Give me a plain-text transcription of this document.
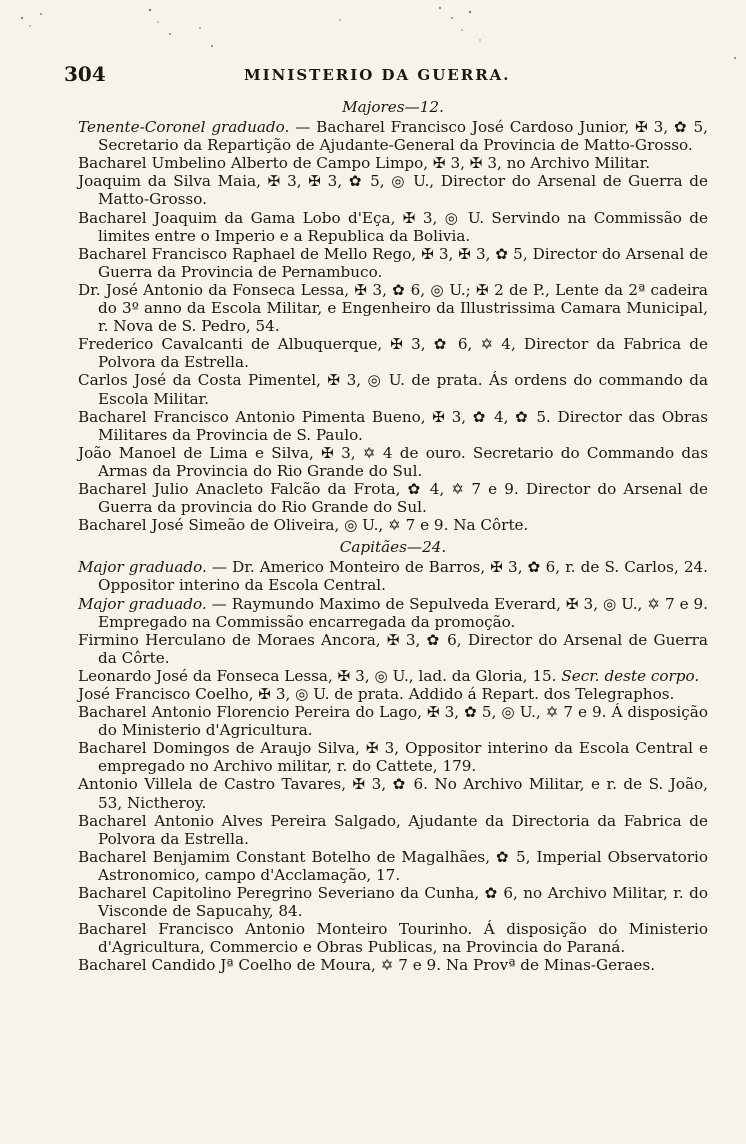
304	MINISTERIO DA GUERRA.

Majores—12.

Tenente-Coronel graduado. — Bacharel Francisco José Cardoso Junior, ✠ 3, ✿ 5, Secretario da Repartição de Ajudante-General da Provincia de Matto-Grosso.

Bacharel Umbelino Alberto de Campo Limpo, ✠ 3, ✠ 3, no Archivo Militar.

Joaquim da Silva Maia, ✠ 3, ✠ 3, ✿ 5, ◎ U., Director do Arsenal de Guerra de Matto-Grosso.

Bacharel Joaquim da Gama Lobo d'Eça, ✠ 3, ◎ U. Servindo na Commissão de limites entre o Imperio e a Republica da Bolivia.

Bacharel Francisco Raphael de Mello Rego, ✠ 3, ✠ 3, ✿ 5, Director do Arsenal de Guerra da Provincia de Pernambuco.

Dr. José Antonio da Fonseca Lessa, ✠ 3, ✿ 6, ◎ U.; ✠ 2 de P., Lente da 2ª cadeira do 3º anno da Escola Militar, e Engenheiro da Illustrissima Camara Municipal, r. Nova de S. Pedro, 54.

Frederico Cavalcanti de Albuquerque, ✠ 3, ✿ 6, ✡ 4, Director da Fabrica de Polvora da Estrella.

Carlos José da Costa Pimentel, ✠ 3, ◎ U. de prata. Ás ordens do commando da Escola Militar.

Bacharel Francisco Antonio Pimenta Bueno, ✠ 3, ✿ 4, ✿ 5. Director das Obras Militares da Provincia de S. Paulo.

João Manoel de Lima e Silva, ✠ 3, ✡ 4 de ouro. Secretario do Commando das Armas da Provincia do Rio Grande do Sul.

Bacharel Julio Anacleto Falcão da Frota, ✿ 4, ✡ 7 e 9. Director do Arsenal de Guerra da provincia do Rio Grande do Sul.

Bacharel José Simeão de Oliveira, ◎ U., ✡ 7 e 9. Na Côrte.

Capitães—24.

Major graduado. — Dr. Americo Monteiro de Barros, ✠ 3, ✿ 6, r. de S. Carlos, 24. Oppositor interino da Escola Central.

Major graduado. — Raymundo Maximo de Sepulveda Everard, ✠ 3, ◎ U., ✡ 7 e 9. Empregado na Commissão encarregada da promoção.

Firmino Herculano de Moraes Ancora, ✠ 3, ✿ 6, Director do Arsenal de Guerra da Côrte.

Leonardo José da Fonseca Lessa, ✠ 3, ◎ U., lad. da Gloria, 15. Secr. deste corpo.

José Francisco Coelho, ✠ 3, ◎ U. de prata. Addido á Repart. dos Telegraphos.

Bacharel Antonio Florencio Pereira do Lago, ✠ 3, ✿ 5, ◎ U., ✡ 7 e 9. Á disposição do Ministerio d'Agricultura.

Bacharel Domingos de Araujo Silva, ✠ 3, Oppositor interino da Escola Central e empregado no Archivo militar, r. do Cattete, 179.

Antonio Villela de Castro Tavares, ✠ 3, ✿ 6. No Archivo Militar, e r. de S. João, 53, Nictheroy.

Bacharel Antonio Alves Pereira Salgado, Ajudante da Directoria da Fabrica de Polvora da Estrella.

Bacharel Benjamim Constant Botelho de Magalhães, ✿ 5, Imperial Observatorio Astronomico, campo d'Acclamação, 17.

Bacharel Capitolino Peregrino Severiano da Cunha, ✿ 6, no Archivo Militar, r. do Visconde de Sapucahy, 84.

Bacharel Francisco Antonio Monteiro Tourinho. Á disposição do Ministerio d'Agricultura, Commercio e Obras Publicas, na Provincia do Paraná.

Bacharel Candido Jª Coelho de Moura, ✡ 7 e 9. Na Provª de Minas-Geraes.
